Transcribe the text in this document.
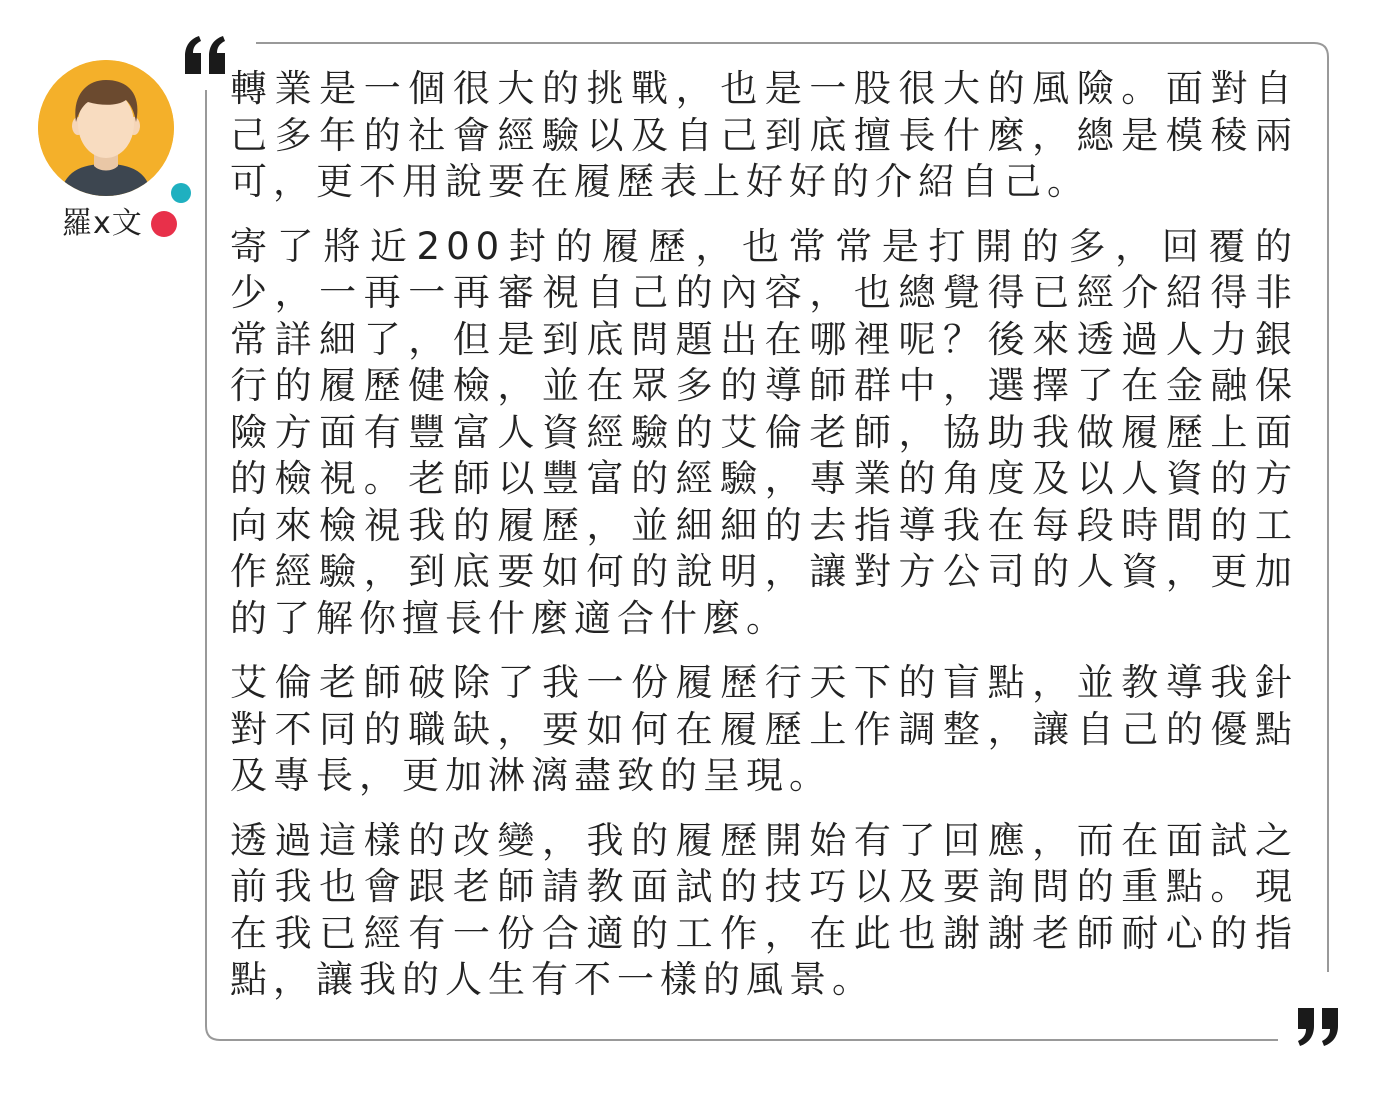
羅x文

轉業是一個很大的挑戰，也是一股很大的風險。面對自己多年的社會經驗以及自己到底擅長什麼，總是模稜兩可，更不用說要在履歷表上好好的介紹自己。

寄了將近200封的履歷，也常常是打開的多，回覆的少，一再一再審視自己的內容，也總覺得已經介紹得非常詳細了，但是到底問題出在哪裡呢？後來透過人力銀行的履歷健檢，並在眾多的導師群中，選擇了在金融保險方面有豐富人資經驗的艾倫老師，協助我做履歷上面的檢視。老師以豐富的經驗，專業的角度及以人資的方向來檢視我的履歷，並細細的去指導我在每段時間的工作經驗，到底要如何的說明，讓對方公司的人資，更加的了解你擅長什麼適合什麼。

艾倫老師破除了我一份履歷行天下的盲點，並教導我針對不同的職缺，要如何在履歷上作調整，讓自己的優點及專長，更加淋漓盡致的呈現。

透過這樣的改變，我的履歷開始有了回應，而在面試之前我也會跟老師請教面試的技巧以及要詢問的重點。現在我已經有一份合適的工作，在此也謝謝老師耐心的指點，讓我的人生有不一樣的風景。
